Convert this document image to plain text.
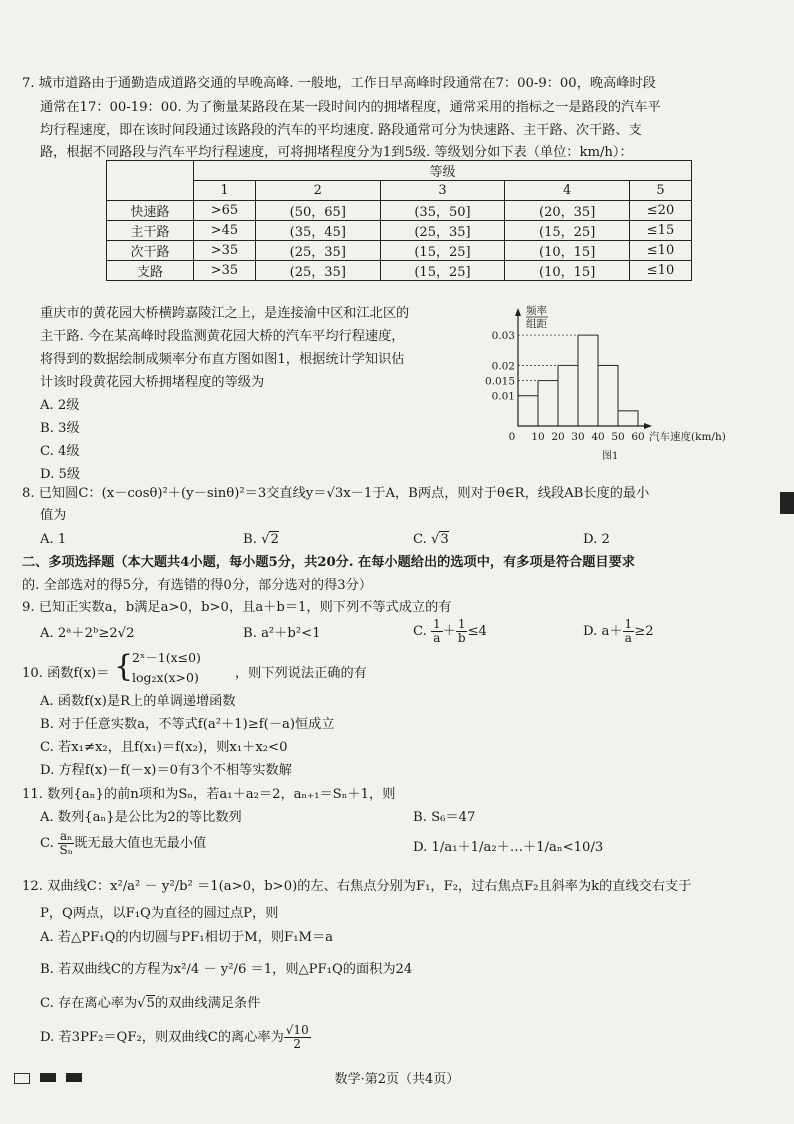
7. 城市道路由于通勤造成道路交通的早晚高峰. 一般地，工作日早高峰时段通常在7：00-9：00，晚高峰时段
通常在17：00-19：00. 为了衡量某路段在某一段时间内的拥堵程度，通常采用的指标之一是路段的汽车平
均行程速度，即在该时间段通过该路段的汽车的平均速度. 路段通常可分为快速路、主干路、次干路、支
路，根据不同路段与汽车平均行程速度，可将拥堵程度分为1到5级. 等级划分如下表（单位：km/h）：
	等级				
	1	2	3	4	5
快速路	>65	(50，65]	(35，50]	(20，35]	≤20
主干路	>45	(35，45]	(25，35]	(15，25]	≤15
次干路	>35	(25，35]	(15，25]	(10，15]	≤10
支路	>35	(25，35]	(15，25]	(10，15]	≤10
重庆市的黄花园大桥横跨嘉陵江之上，是连接渝中区和江北区的
主干路. 今在某高峰时段监测黄花园大桥的汽车平均行程速度，
将得到的数据绘制成频率分布直方图如图1，根据统计学知识估
计该时段黄花园大桥拥堵程度的等级为
A. 2级
B. 3级
C. 4级
D. 5级
0.01
0.015
0.02
0.03
0 10 20 30 40 50 60
频率
组距
汽车速度(km/h)
图1
8. 已知圆C：(x－cosθ)²＋(y－sinθ)²＝3交直线y＝√3x－1于A，B两点，则对于θ∈R，线段AB长度的最小
值为
A. 1	B. √2	C. √3	D. 2
二、多项选择题（本大题共4小题，每小题5分，共20分. 在每小题给出的选项中，有多项是符合题目要求
的. 全部选对的得5分，有选错的得0分，部分选对的得3分）
9. 已知正实数a，b满足a>0，b>0，且a＋b＝1，则下列不等式成立的有
A. 2ᵃ＋2ᵇ≥2√2	B. a²＋b²<1	C. $\frac{1}{a} + \frac{1}{b} \le 4$	D. $a+ \frac{1}{a} \ge 2$
10. 函数f(x)＝ {
2ˣ－1(x≤0)
log₂x(x>0)	，则下列说法正确的有
A. 函数f(x)是R上的单调递增函数
B. 对于任意实数a，不等式f(a²＋1)≥f(－a)恒成立
C. 若x₁≠x₂，且f(x₁)＝f(x₂)，则x₁＋x₂<0
D. 方程f(x)－f(－x)＝0有3个不相等实数解
11. 数列{aₙ}的前n项和为Sₙ，若a₁＋a₂＝2，aₙ₊₁＝Sₙ＋1，则
A. 数列{aₙ}是公比为2的等比数列	B. S₆＝47
C. $\frac{\text{aₙ}}{\text{Sₙ}}$ 既无最大值也无最小值	D. 1/a₁＋1/a₂＋…＋1/aₙ<10/3
12. 双曲线C：x²/a² － y²/b² ＝1(a>0，b>0)的左、右焦点分别为F₁，F₂，过右焦点F₂且斜率为k的直线交右支于
P，Q两点，以F₁Q为直径的圆过点P，则
A. 若△PF₁Q的内切圆与PF₁相切于M，则F₁M＝a
B. 若双曲线C的方程为x²/4 － y²/6 ＝1，则△PF₁Q的面积为24
C. 存在离心率为√5的双曲线满足条件
D. 若3PF₂＝QF₂，则双曲线C的离心率为 $\frac{√10}{2}$
数学·第2页（共4页）
